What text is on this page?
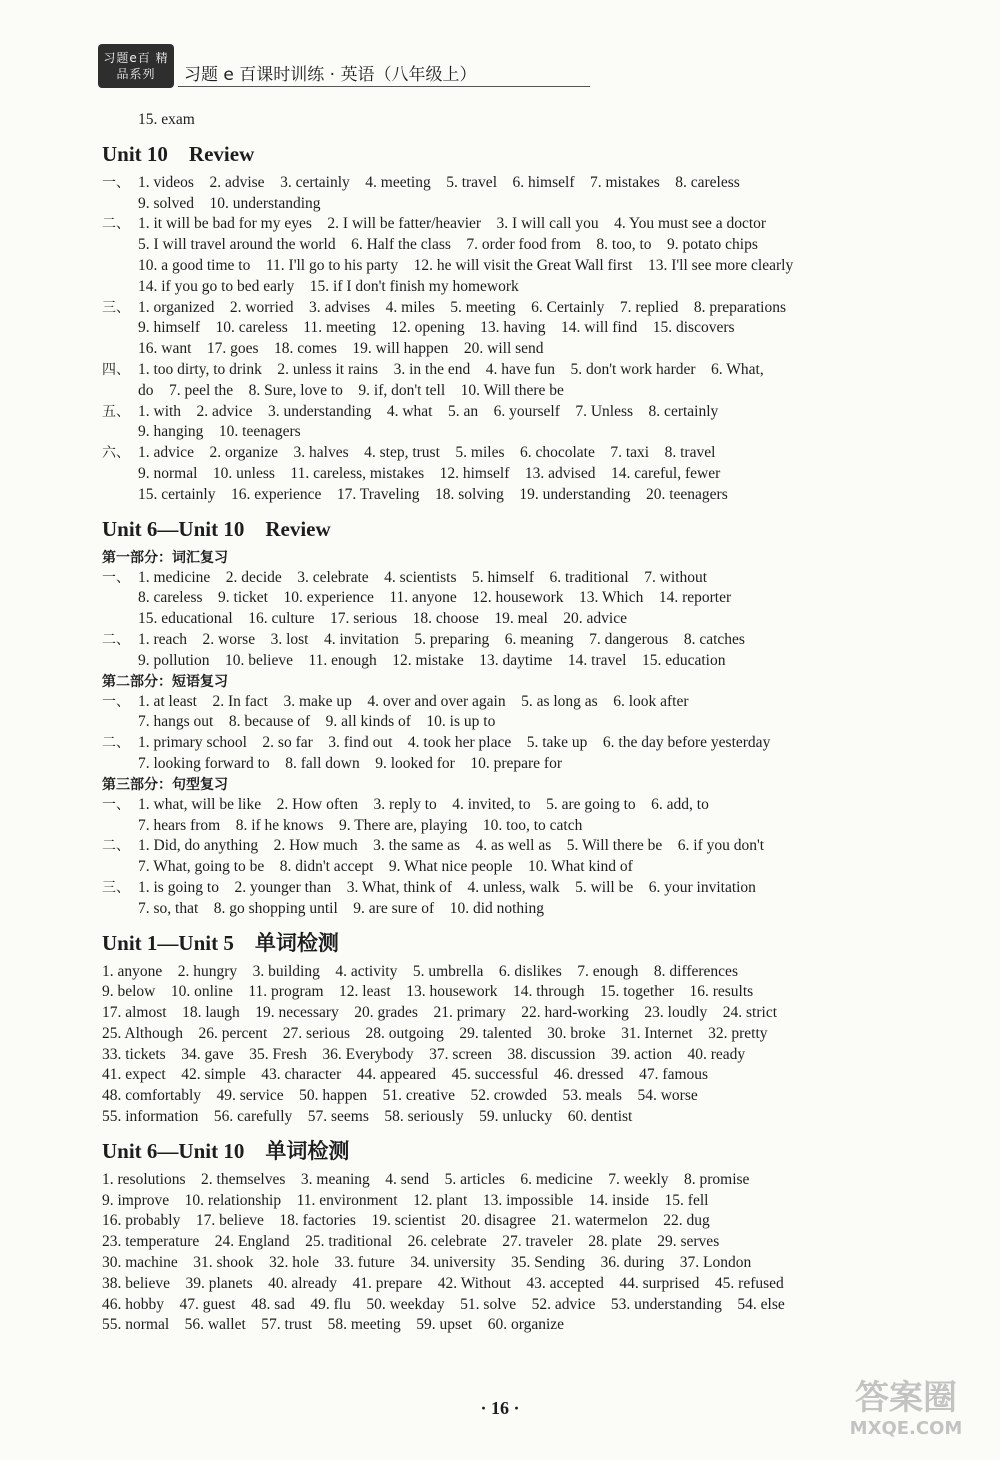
习题e百 精品系列	习题 e 百课时训练 · 英语（八年级上）
15. exam
Unit 10　Review
一、 1. videos　2. advise　3. certainly　4. meeting　5. travel　6. himself　7. mistakes　8. careless
9. solved　10. understanding
二、 1. it will be bad for my eyes　2. I will be fatter/heavier　3. I will call you　4. You must see a doctor
5. I will travel around the world　6. Half the class　7. order food from　8. too, to　9. potato chips
10. a good time to　11. I'll go to his party　12. he will visit the Great Wall first　13. I'll see more clearly
14. if you go to bed early　15. if I don't finish my homework
三、 1. organized　2. worried　3. advises　4. miles　5. meeting　6. Certainly　7. replied　8. preparations
9. himself　10. careless　11. meeting　12. opening　13. having　14. will find　15. discovers
16. want　17. goes　18. comes　19. will happen　20. will send
四、 1. too dirty, to drink　2. unless it rains　3. in the end　4. have fun　5. don't work harder　6. What,
do　7. peel the　8. Sure, love to　9. if, don't tell　10. Will there be
五、 1. with　2. advice　3. understanding　4. what　5. an　6. yourself　7. Unless　8. certainly
9. hanging　10. teenagers
六、 1. advice　2. organize　3. halves　4. step, trust　5. miles　6. chocolate　7. taxi　8. travel
9. normal　10. unless　11. careless, mistakes　12. himself　13. advised　14. careful, fewer
15. certainly　16. experience　17. Traveling　18. solving　19. understanding　20. teenagers
Unit 6—Unit 10　Review
第一部分：词汇复习
一、 1. medicine　2. decide　3. celebrate　4. scientists　5. himself　6. traditional　7. without
8. careless　9. ticket　10. experience　11. anyone　12. housework　13. Which　14. reporter
15. educational　16. culture　17. serious　18. choose　19. meal　20. advice
二、 1. reach　2. worse　3. lost　4. invitation　5. preparing　6. meaning　7. dangerous　8. catches
9. pollution　10. believe　11. enough　12. mistake　13. daytime　14. travel　15. education
第二部分：短语复习
一、 1. at least　2. In fact　3. make up　4. over and over again　5. as long as　6. look after
7. hangs out　8. because of　9. all kinds of　10. is up to
二、 1. primary school　2. so far　3. find out　4. took her place　5. take up　6. the day before yesterday
7. looking forward to　8. fall down　9. looked for　10. prepare for
第三部分：句型复习
一、 1. what, will be like　2. How often　3. reply to　4. invited, to　5. are going to　6. add, to
7. hears from　8. if he knows　9. There are, playing　10. too, to catch
二、 1. Did, do anything　2. How much　3. the same as　4. as well as　5. Will there be　6. if you don't
7. What, going to be　8. didn't accept　9. What nice people　10. What kind of
三、 1. is going to　2. younger than　3. What, think of　4. unless, walk　5. will be　6. your invitation
7. so, that　8. go shopping until　9. are sure of　10. did nothing
Unit 1—Unit 5　单词检测
1. anyone　2. hungry　3. building　4. activity　5. umbrella　6. dislikes　7. enough　8. differences
9. below　10. online　11. program　12. least　13. housework　14. through　15. together　16. results
17. almost　18. laugh　19. necessary　20. grades　21. primary　22. hard-working　23. loudly　24. strict
25. Although　26. percent　27. serious　28. outgoing　29. talented　30. broke　31. Internet　32. pretty
33. tickets　34. gave　35. Fresh　36. Everybody　37. screen　38. discussion　39. action　40. ready
41. expect　42. simple　43. character　44. appeared　45. successful　46. dressed　47. famous
48. comfortably　49. service　50. happen　51. creative　52. crowded　53. meals　54. worse
55. information　56. carefully　57. seems　58. seriously　59. unlucky　60. dentist
Unit 6—Unit 10　单词检测
1. resolutions　2. themselves　3. meaning　4. send　5. articles　6. medicine　7. weekly　8. promise
9. improve　10. relationship　11. environment　12. plant　13. impossible　14. inside　15. fell
16. probably　17. believe　18. factories　19. scientist　20. disagree　21. watermelon　22. dug
23. temperature　24. England　25. traditional　26. celebrate　27. traveler　28. plate　29. serves
30. machine　31. shook　32. hole　33. future　34. university　35. Sending　36. during　37. London
38. believe　39. planets　40. already　41. prepare　42. Without　43. accepted　44. surprised　45. refused
46. hobby　47. guest　48. sad　49. flu　50. weekday　51. solve　52. advice　53. understanding　54. else
55. normal　56. wallet　57. trust　58. meeting　59. upset　60. organize
· 16 ·	答案圈
MXQE.COM
